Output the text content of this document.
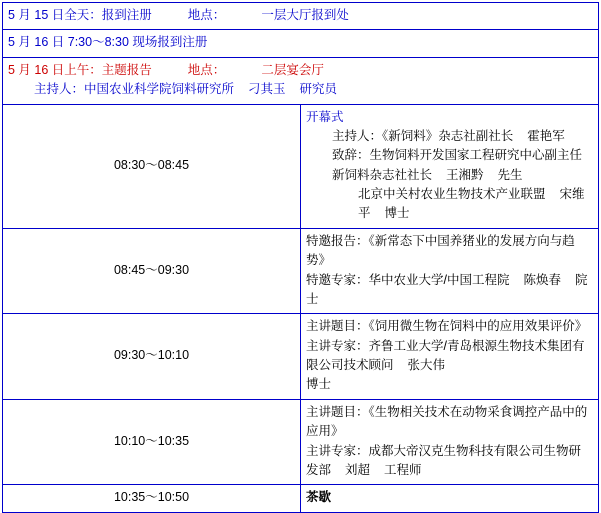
5 月 15 日全天：报到注册 地点： 一层大厅报到处	

5 月 16 日 7:30～8:30 现场报到注册	

5 月 16 日上午：主题报告 地点： 二层宴会厅
主持人：中国农业科学院饲料研究所 刁其玉 研究员	

08:30～08:45	开幕式
主持人：《新饲料》杂志社副社长 霍艳军
致辞：生物饲料开发国家工程研究中心副主任 新饲料杂志社社长 王湘黔 先生
北京中关村农业生物技术产业联盟 宋维平 博士

08:45～09:30	特邀报告：《新常态下中国养猪业的发展方向与趋势》
特邀专家：华中农业大学/中国工程院 陈焕春 院士

09:30～10:10	主讲题目：《饲用微生物在饲料中的应用效果评价》
主讲专家：齐鲁工业大学/青岛根源生物技术集团有限公司技术顾问 张大伟
博士

10:10～10:35	主讲题目：《生物相关技术在动物采食调控产品中的应用》
主讲专家：成都大帝汉克生物科技有限公司生物研发部 刘超 工程师

10:35～10:50	茶歇
